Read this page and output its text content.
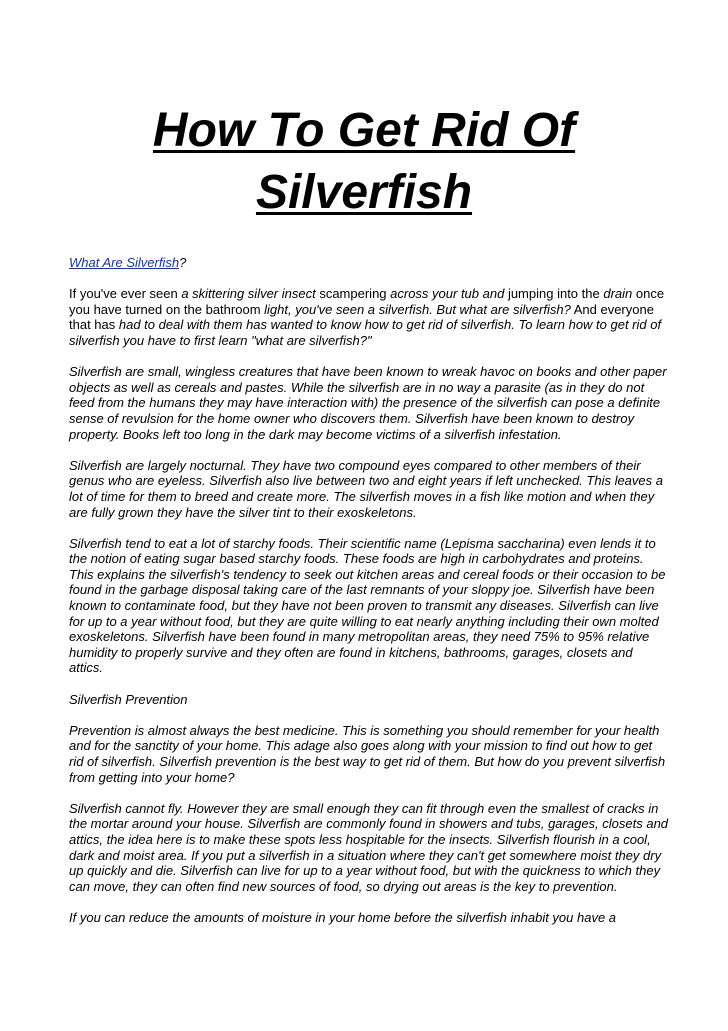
How To Get Rid Of
Silverfish

What Are Silverfish?

If you've ever seen a skittering silver insect scampering across your tub and jumping into the drain once you have turned on the bathroom light, you've seen a silverfish. But what are silverfish? And everyone that has had to deal with them has wanted to know how to get rid of silverfish. To learn how to get rid of silverfish you have to first learn "what are silverfish?"

Silverfish are small, wingless creatures that have been known to wreak havoc on books and other paper objects as well as cereals and pastes. While the silverfish are in no way a parasite (as in they do not feed from the humans they may have interaction with) the presence of the silverfish can pose a definite sense of revulsion for the home owner who discovers them. Silverfish have been known to destroy property. Books left too long in the dark may become victims of a silverfish infestation.

Silverfish are largely nocturnal. They have two compound eyes compared to other members of their genus who are eyeless. Silverfish also live between two and eight years if left unchecked. This leaves a lot of time for them to breed and create more. The silverfish moves in a fish like motion and when they are fully grown they have the silver tint to their exoskeletons.

Silverfish tend to eat a lot of starchy foods. Their scientific name (Lepisma saccharina) even lends it to the notion of eating sugar based starchy foods. These foods are high in carbohydrates and proteins. This explains the silverfish's tendency to seek out kitchen areas and cereal foods or their occasion to be found in the garbage disposal taking care of the last remnants of your sloppy joe. Silverfish have been known to contaminate food, but they have not been proven to transmit any diseases. Silverfish can live for up to a year without food, but they are quite willing to eat nearly anything including their own molted exoskeletons. Silverfish have been found in many metropolitan areas, they need 75% to 95% relative humidity to properly survive and they often are found in kitchens, bathrooms, garages, closets and attics.

Silverfish Prevention

Prevention is almost always the best medicine. This is something you should remember for your health and for the sanctity of your home. This adage also goes along with your mission to find out how to get rid of silverfish. Silverfish prevention is the best way to get rid of them. But how do you prevent silverfish from getting into your home?

Silverfish cannot fly. However they are small enough they can fit through even the smallest of cracks in the mortar around your house. Silverfish are commonly found in showers and tubs, garages, closets and attics, the idea here is to make these spots less hospitable for the insects. Silverfish flourish in a cool, dark and moist area. If you put a silverfish in a situation where they can't get somewhere moist they dry up quickly and die. Silverfish can live for up to a year without food, but with the quickness to which they can move, they can often find new sources of food, so drying out areas is the key to prevention.

If you can reduce the amounts of moisture in your home before the silverfish inhabit you have a
